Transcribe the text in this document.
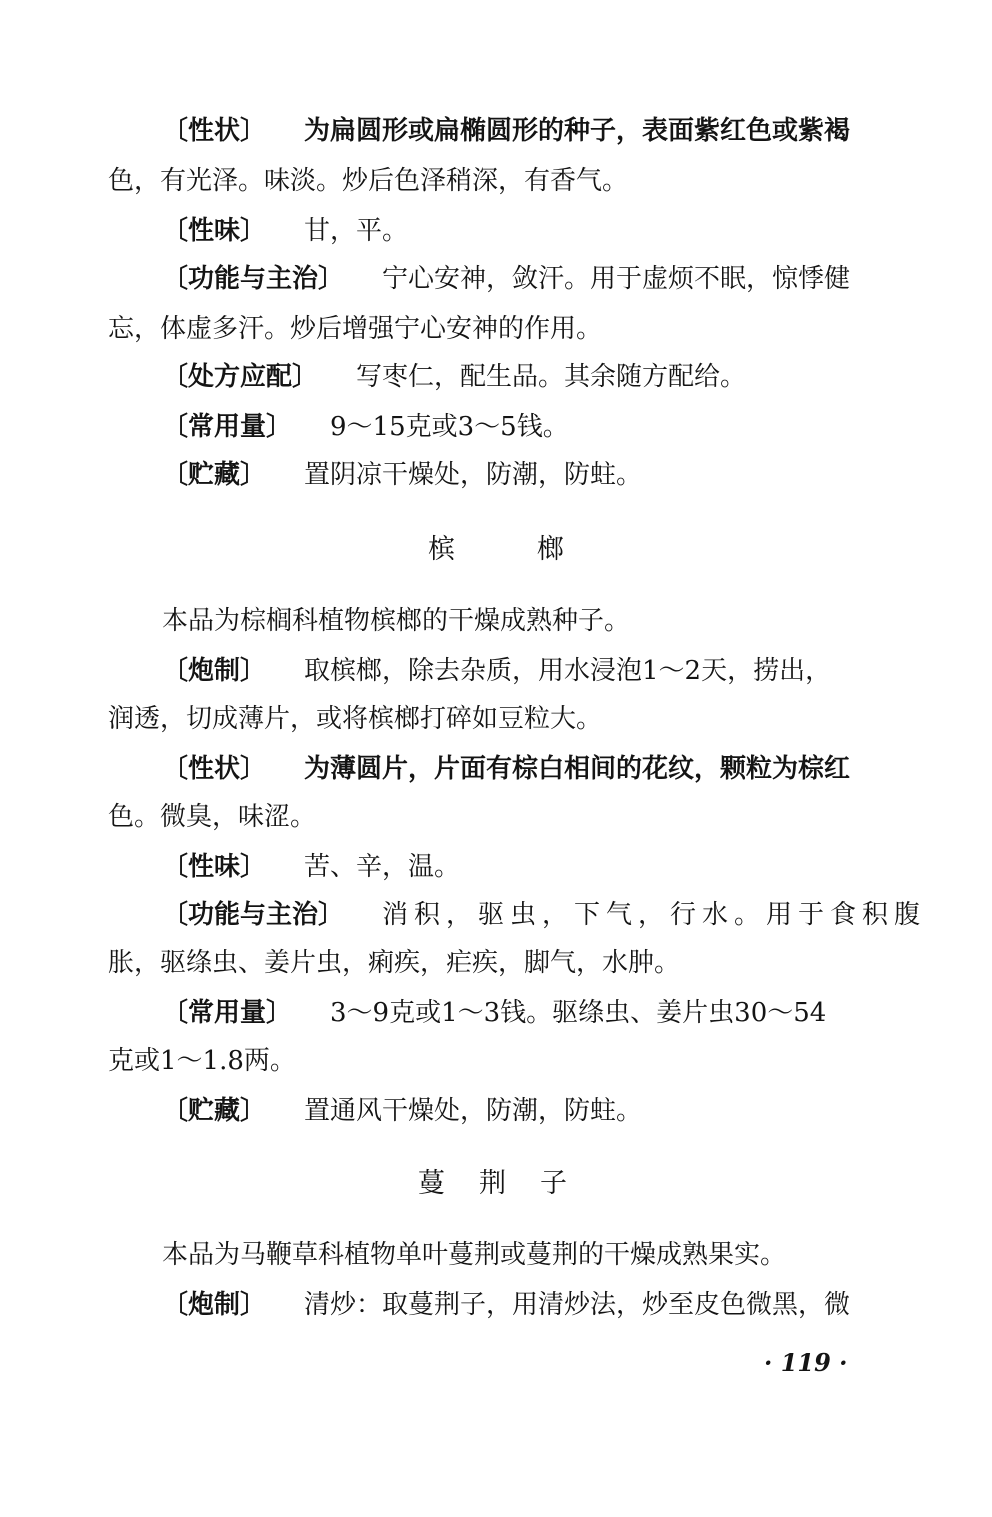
〔性状〕 为扁圆形或扁椭圆形的种子，表面紫红色或紫褐
色，有光泽。味淡。炒后色泽稍深，有香气。
〔性味〕 甘，平。
〔功能与主治〕 宁心安神，敛汗。用于虚烦不眠，惊悸健
忘，体虚多汗。炒后增强宁心安神的作用。
〔处方应配〕 写枣仁，配生品。其余随方配给。
〔常用量〕 9～15克或3～5钱。
〔贮藏〕 置阴凉干燥处，防潮，防蛀。
槟	榔
本品为棕榈科植物槟榔的干燥成熟种子。
〔炮制〕 取槟榔，除去杂质，用水浸泡1～2天，捞出，
润透，切成薄片，或将槟榔打碎如豆粒大。
〔性状〕 为薄圆片，片面有棕白相间的花纹，颗粒为棕红
色。微臭，味涩。
〔性味〕 苦、辛，温。
〔功能与主治〕 消积，驱虫，下气，行水。用于食积腹
胀，驱绦虫、姜片虫，痢疾，疟疾，脚气，水肿。
〔常用量〕 3～9克或1～3钱。驱绦虫、姜片虫30～54
克或1～1.8两。
〔贮藏〕 置通风干燥处，防潮，防蛀。
蔓 荆 子
本品为马鞭草科植物单叶蔓荆或蔓荆的干燥成熟果实。
〔炮制〕 清炒：取蔓荆子，用清炒法，炒至皮色微黑，微
· 119 ·
